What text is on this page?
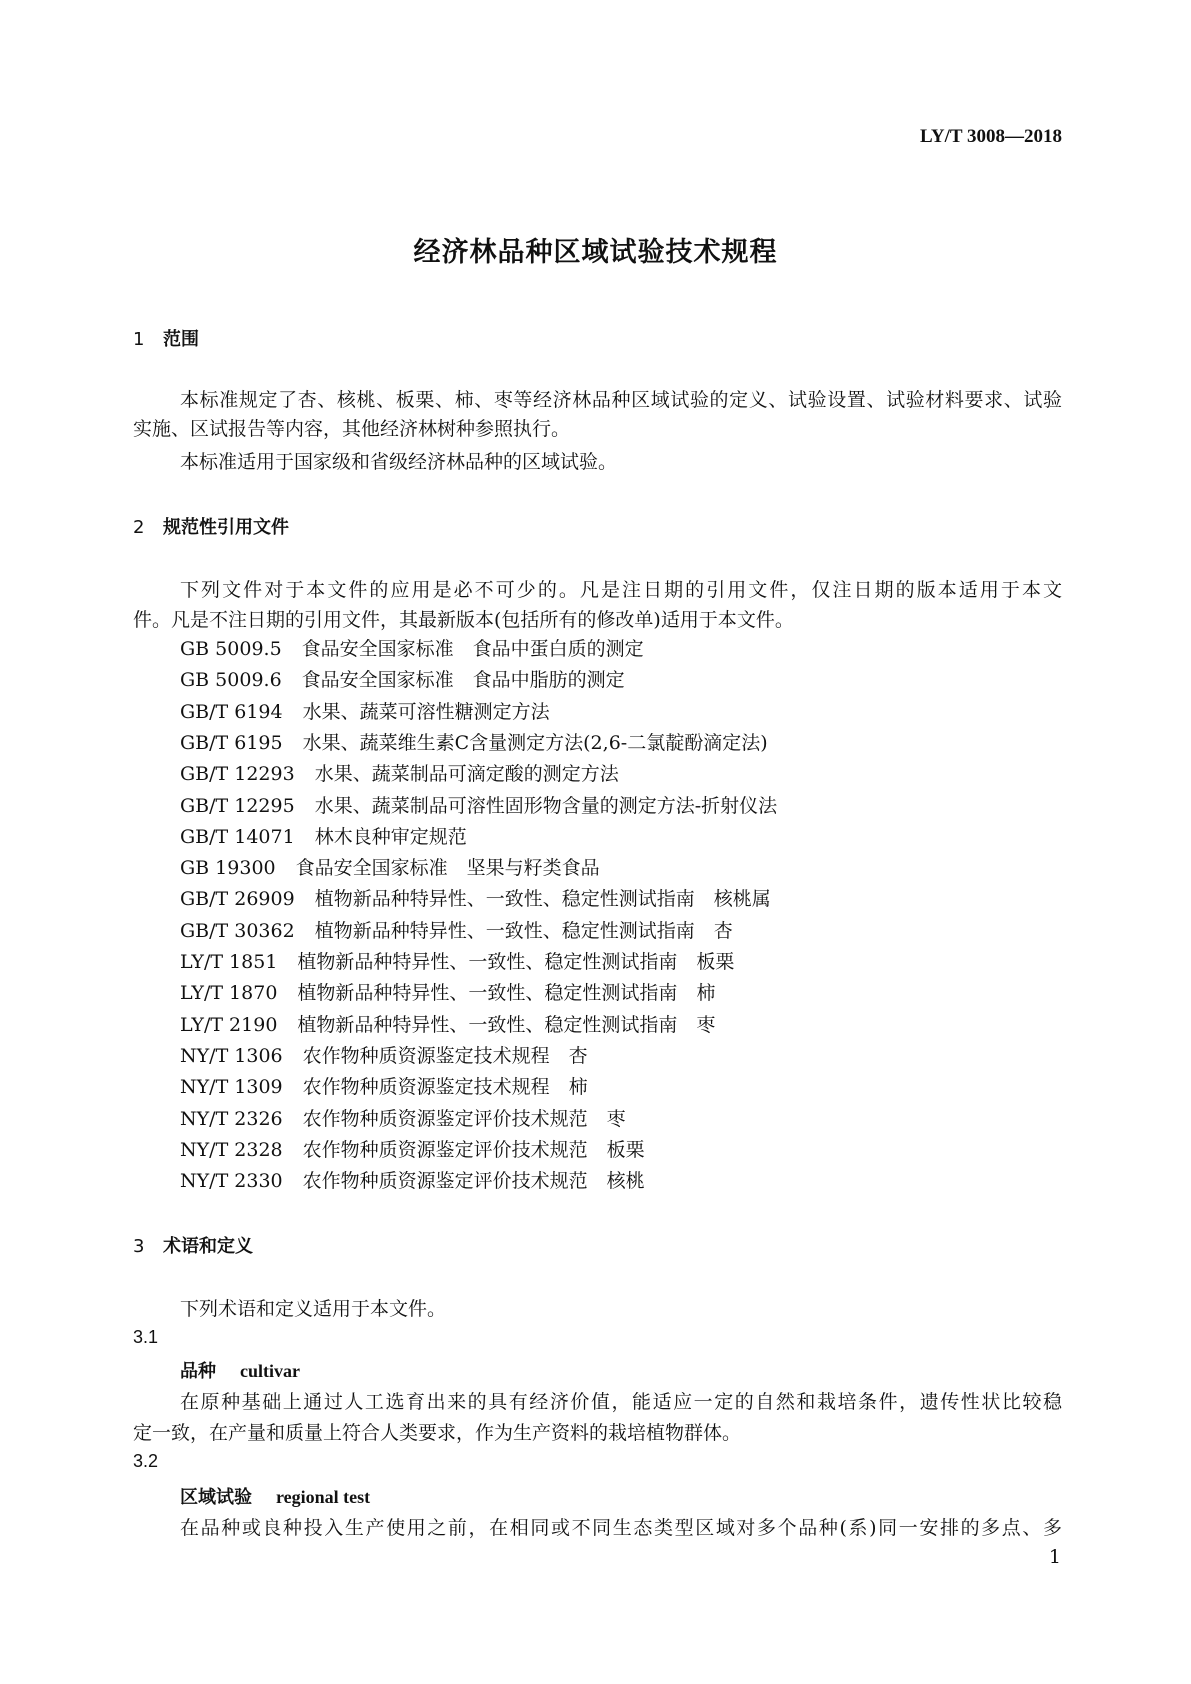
LY/T 3008—2018
经济林品种区域试验技术规程
1 范围
本标准规定了杏、核桃、板栗、柿、枣等经济林品种区域试验的定义、试验设置、试验材料要求、试验
实施、区试报告等内容，其他经济林树种参照执行。
本标准适用于国家级和省级经济林品种的区域试验。
2 规范性引用文件
下列文件对于本文件的应用是必不可少的。凡是注日期的引用文件，仅注日期的版本适用于本文
件。凡是不注日期的引用文件，其最新版本(包括所有的修改单)适用于本文件。
GB 5009.5 食品安全国家标准　食品中蛋白质的测定
GB 5009.6 食品安全国家标准　食品中脂肪的测定
GB/T 6194 水果、蔬菜可溶性糖测定方法
GB/T 6195 水果、蔬菜维生素C含量测定方法(2,6-二氯靛酚滴定法)
GB/T 12293 水果、蔬菜制品可滴定酸的测定方法
GB/T 12295 水果、蔬菜制品可溶性固形物含量的测定方法-折射仪法
GB/T 14071 林木良种审定规范
GB 19300 食品安全国家标准　坚果与籽类食品
GB/T 26909 植物新品种特异性、一致性、稳定性测试指南　核桃属
GB/T 30362 植物新品种特异性、一致性、稳定性测试指南　杏
LY/T 1851 植物新品种特异性、一致性、稳定性测试指南　板栗
LY/T 1870 植物新品种特异性、一致性、稳定性测试指南　柿
LY/T 2190 植物新品种特异性、一致性、稳定性测试指南　枣
NY/T 1306 农作物种质资源鉴定技术规程　杏
NY/T 1309 农作物种质资源鉴定技术规程　柿
NY/T 2326 农作物种质资源鉴定评价技术规范　枣
NY/T 2328 农作物种质资源鉴定评价技术规范　板栗
NY/T 2330 农作物种质资源鉴定评价技术规范　核桃
3 术语和定义
下列术语和定义适用于本文件。
3.1
品种 cultivar
在原种基础上通过人工选育出来的具有经济价值，能适应一定的自然和栽培条件，遗传性状比较稳
定一致，在产量和质量上符合人类要求，作为生产资料的栽培植物群体。
3.2
区域试验 regional test
在品种或良种投入生产使用之前，在相同或不同生态类型区域对多个品种(系)同一安排的多点、多
1
